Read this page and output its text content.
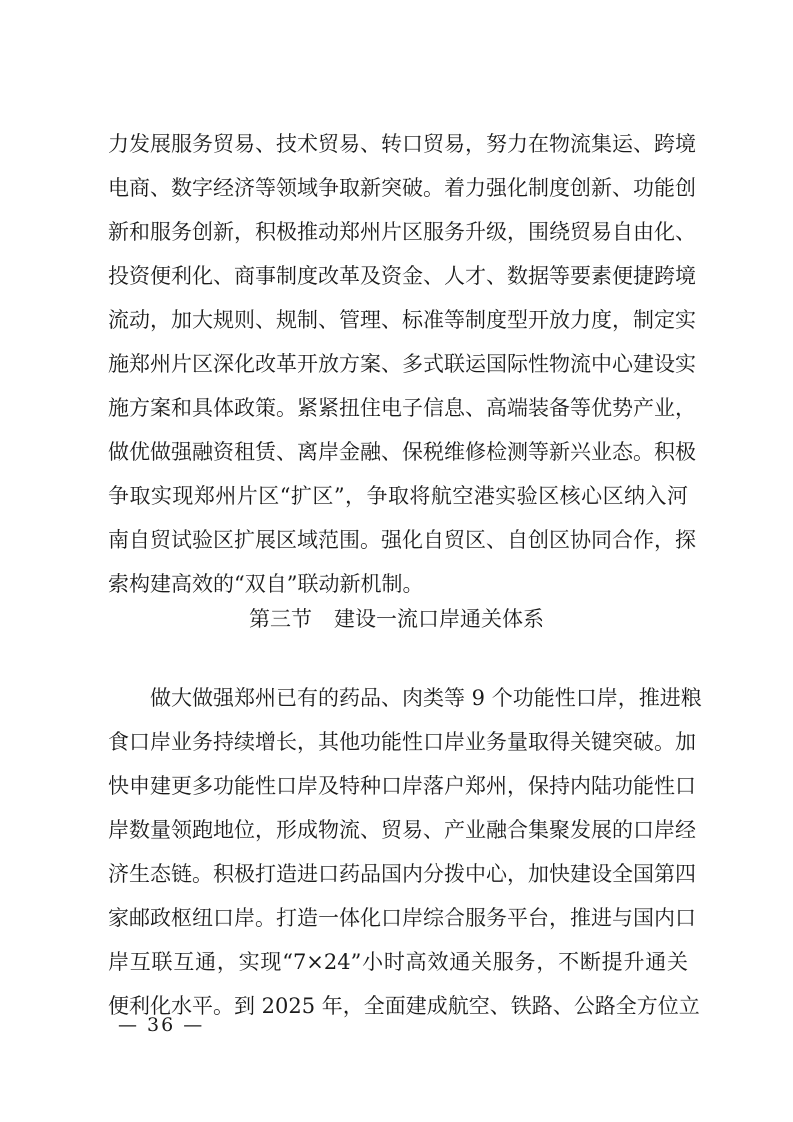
力发展服务贸易、技术贸易、转口贸易，努力在物流集运、跨境
电商、数字经济等领域争取新突破。着力强化制度创新、功能创
新和服务创新，积极推动郑州片区服务升级，围绕贸易自由化、
投资便利化、商事制度改革及资金、人才、数据等要素便捷跨境
流动，加大规则、规制、管理、标准等制度型开放力度，制定实
施郑州片区深化改革开放方案、多式联运国际性物流中心建设实
施方案和具体政策。紧紧扭住电子信息、高端装备等优势产业，
做优做强融资租赁、离岸金融、保税维修检测等新兴业态。积极
争取实现郑州片区“扩区”，争取将航空港实验区核心区纳入河
南自贸试验区扩展区域范围。强化自贸区、自创区协同合作，探
索构建高效的“双自”联动新机制。
第三节 建设一流口岸通关体系
做大做强郑州已有的药品、肉类等 9 个功能性口岸，推进粮
食口岸业务持续增长，其他功能性口岸业务量取得关键突破。加
快申建更多功能性口岸及特种口岸落户郑州，保持内陆功能性口
岸数量领跑地位，形成物流、贸易、产业融合集聚发展的口岸经
济生态链。积极打造进口药品国内分拨中心，加快建设全国第四
家邮政枢纽口岸。打造一体化口岸综合服务平台，推进与国内口
岸互联互通，实现“7×24”小时高效通关服务，不断提升通关
便利化水平。到 2025 年，全面建成航空、铁路、公路全方位立
— 36 —
